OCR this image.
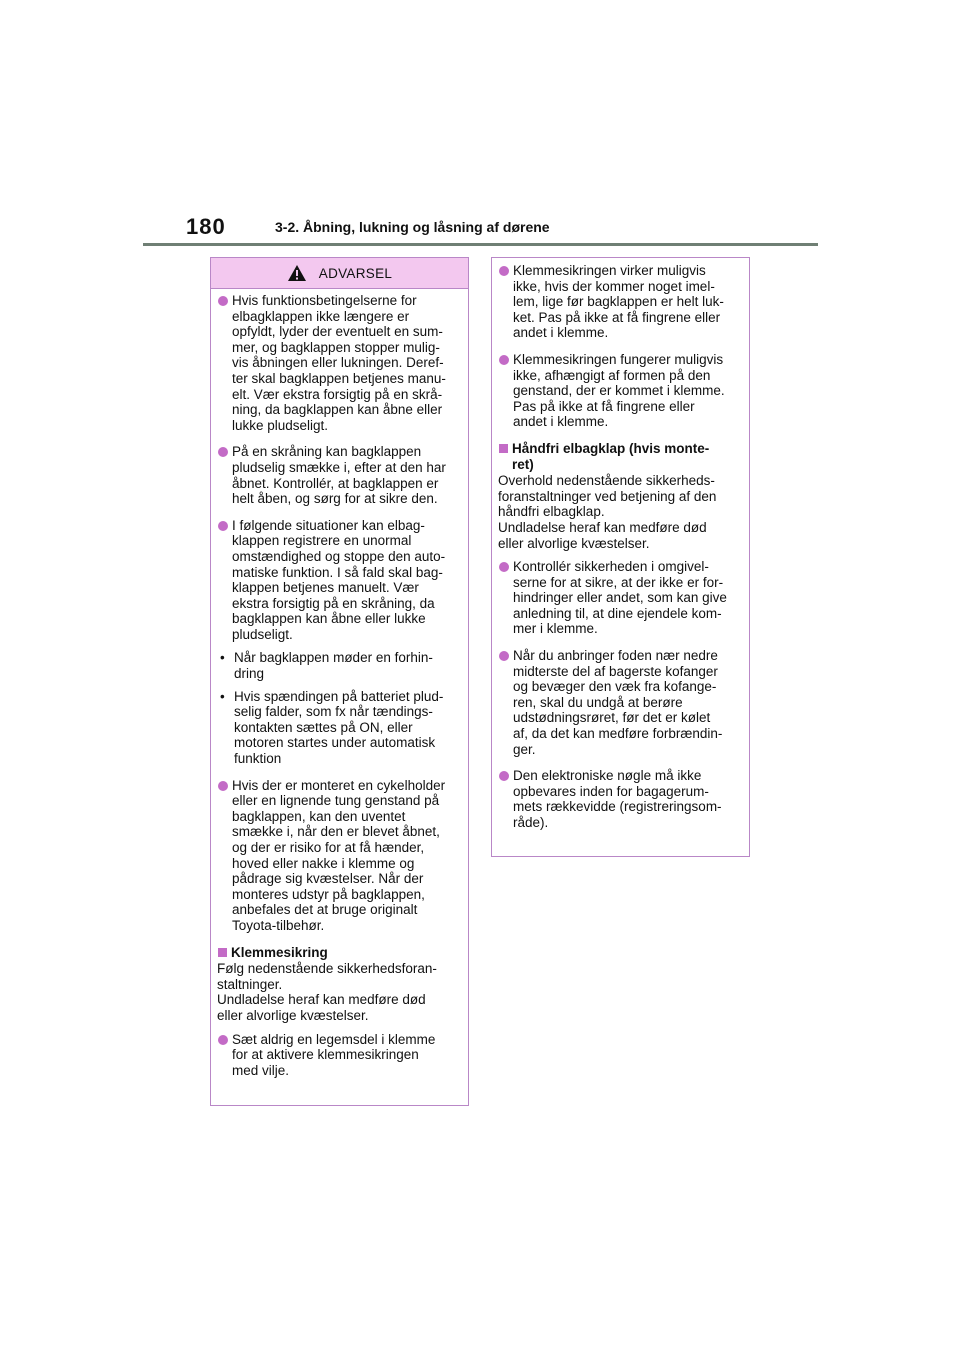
180	3-2. Åbning, lukning og låsning af dørene
ADVARSEL
Hvis funktionsbetingelserne for
elbagklappen ikke længere er
opfyldt, lyder der eventuelt en sum-
mer, og bagklappen stopper mulig-
vis åbningen eller lukningen. Deref-
ter skal bagklappen betjenes manu-
elt. Vær ekstra forsigtig på en skrå-
ning, da bagklappen kan åbne eller
lukke pludseligt.
På en skråning kan bagklappen
pludselig smække i, efter at den har
åbnet. Kontrollér, at bagklappen er
helt åben, og sørg for at sikre den.
I følgende situationer kan elbag-
klappen registrere en unormal
omstændighed og stoppe den auto-
matiske funktion. I så fald skal bag-
klappen betjenes manuelt. Vær
ekstra forsigtig på en skråning, da
bagklappen kan åbne eller lukke
pludseligt.
• Når bagklappen møder en forhin-
dring
• Hvis spændingen på batteriet plud-
selig falder, som fx når tændings-
kontakten sættes på ON, eller
motoren startes under automatisk
funktion
Hvis der er monteret en cykelholder
eller en lignende tung genstand på
bagklappen, kan den uventet
smække i, når den er blevet åbnet,
og der er risiko for at få hænder,
hoved eller nakke i klemme og
pådrage sig kvæstelser. Når der
monteres udstyr på bagklappen,
anbefales det at bruge originalt
Toyota-tilbehør.
Klemmesikring
Følg nedenstående sikkerhedsforan-
staltninger.
Undladelse heraf kan medføre død
eller alvorlige kvæstelser.
Sæt aldrig en legemsdel i klemme
for at aktivere klemmesikringen
med vilje.
Klemmesikringen virker muligvis
ikke, hvis der kommer noget imel-
lem, lige før bagklappen er helt luk-
ket. Pas på ikke at få fingrene eller
andet i klemme.
Klemmesikringen fungerer muligvis
ikke, afhængigt af formen på den
genstand, der er kommet i klemme.
Pas på ikke at få fingrene eller
andet i klemme.
Håndfri elbagklap (hvis monte-
ret)
Overhold nedenstående sikkerheds-
foranstaltninger ved betjening af den
håndfri elbagklap.
Undladelse heraf kan medføre død
eller alvorlige kvæstelser.
Kontrollér sikkerheden i omgivel-
serne for at sikre, at der ikke er for-
hindringer eller andet, som kan give
anledning til, at dine ejendele kom-
mer i klemme.
Når du anbringer foden nær nedre
midterste del af bagerste kofanger
og bevæger den væk fra kofange-
ren, skal du undgå at berøre
udstødningsrøret, før det er kølet
af, da det kan medføre forbrændin-
ger.
Den elektroniske nøgle må ikke
opbevares inden for bagagerum-
mets rækkevidde (registreringsom-
råde).
